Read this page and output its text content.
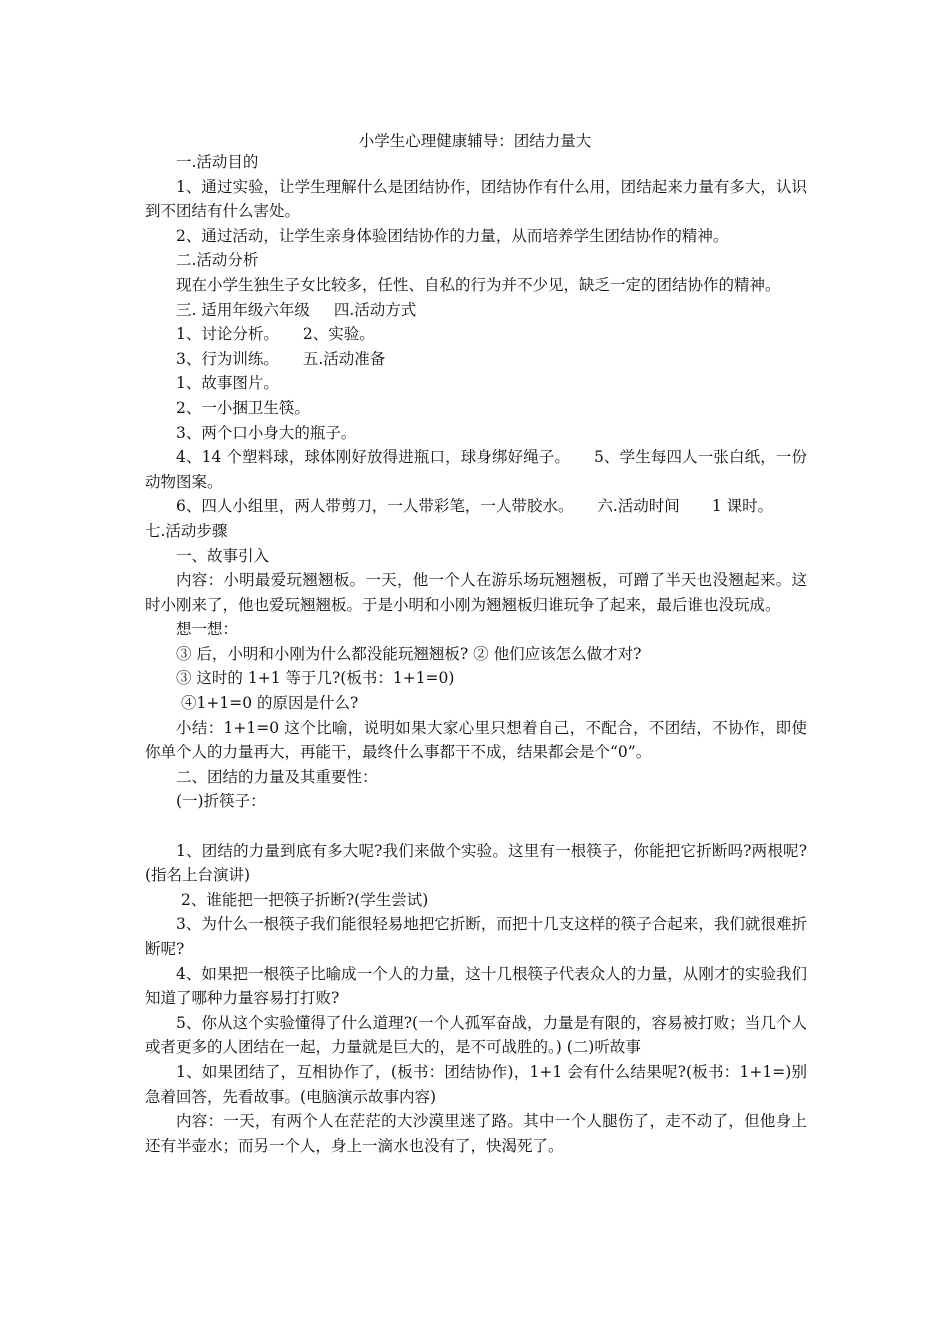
小学生心理健康辅导：团结力量大

一.活动目的

1、通过实验，让学生理解什么是团结协作，团结协作有什么用，团结起来力量有多大，认识到不团结有什么害处。

2、通过活动，让学生亲身体验团结协作的力量，从而培养学生团结协作的精神。

二.活动分析

现在小学生独生子女比较多，任性、自私的行为并不少见，缺乏一定的团结协作的精神。

三. 适用年级六年级 四.活动方式

1、讨论分析。 2、实验。

3、行为训练。 五.活动准备

1、故事图片。

2、一小捆卫生筷。

3、两个口小身大的瓶子。

4、14 个塑料球，球体刚好放得进瓶口，球身绑好绳子。 5、学生每四人一张白纸，一份动物图案。

6、四人小组里，两人带剪刀，一人带彩笔，一人带胶水。 六.活动时间 1 课时。

七.活动步骤

一、故事引入

内容：小明最爱玩翘翘板。一天，他一个人在游乐场玩翘翘板，可蹭了半天也没翘起来。这时小刚来了，他也爱玩翘翘板。于是小明和小刚为翘翘板归谁玩争了起来，最后谁也没玩成。

想一想：

③ 后，小明和小刚为什么都没能玩翘翘板? ② 他们应该怎么做才对?

③ 这时的 1+1 等于几?(板书：1+1=0)

④1+1=0 的原因是什么?

小结：1+1=0 这个比喻，说明如果大家心里只想着自己，不配合，不团结，不协作，即使你单个人的力量再大，再能干，最终什么事都干不成，结果都会是个“0”。

二、团结的力量及其重要性：

(一)折筷子：

1、团结的力量到底有多大呢?我们来做个实验。这里有一根筷子，你能把它折断吗?两根呢?(指名上台演讲)

2、谁能把一把筷子折断?(学生尝试)

3、为什么一根筷子我们能很轻易地把它折断，而把十几支这样的筷子合起来，我们就很难折断呢?

4、如果把一根筷子比喻成一个人的力量，这十几根筷子代表众人的力量，从刚才的实验我们知道了哪种力量容易打打败?

5、你从这个实验懂得了什么道理?(一个人孤军奋战，力量是有限的，容易被打败；当几个人或者更多的人团结在一起，力量就是巨大的，是不可战胜的。) (二)听故事

1、如果团结了，互相协作了，(板书：团结协作)，1+1 会有什么结果呢?(板书：1+1=)别急着回答，先看故事。(电脑演示故事内容)

内容：一天，有两个人在茫茫的大沙漠里迷了路。其中一个人腿伤了，走不动了，但他身上还有半壶水；而另一个人，身上一滴水也没有了，快渴死了。
